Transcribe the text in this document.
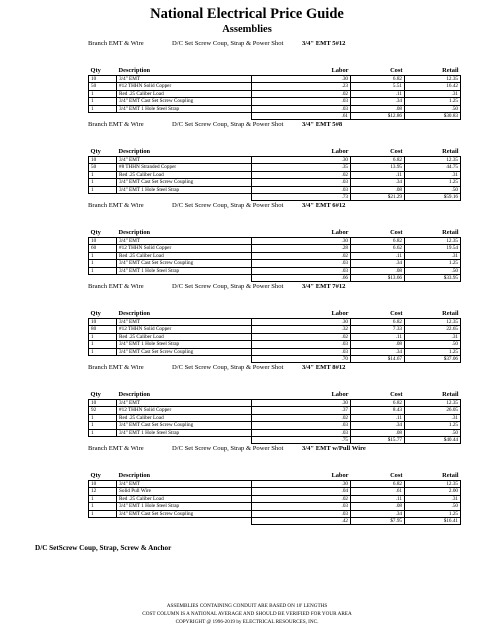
National Electrical Price Guide
Assemblies
Branch EMT & Wire	D/C Set Screw Coup, Strap & Power Shot	3/4" EMT 5#12
Qty	Description	Labor	Cost	Retail
10	3/4" EMT	.30	6.82	12.35
50	#12 THHN Solid Copper	.23	5.51	16.42
1	Red .25 Caliber Load	.02	.11	.31
1	3/4" EMT Cast Set Screw Coupling	.03	.34	1.25
1	3/4" EMT 1 Hole Steel Strap	.03	.08	.50
		.61	$12.86	$30.83
Branch EMT & Wire	D/C Set Screw Coup, Strap & Power Shot	3/4" EMT 5#8
Qty	Description	Labor	Cost	Retail
10	3/4" EMT	.30	6.82	12.35
50	#8 THHN Stranded Copper	.35	13.95	44.75
1	Red .25 Caliber Load	.02	.11	.31
1	3/4" EMT Cast Set Screw Coupling	.03	.34	1.25
1	3/4" EMT 1 Hole Steel Strap	.03	.08	.50
		.73	$21.29	$59.16
Branch EMT & Wire	D/C Set Screw Coup, Strap & Power Shot	3/4" EMT 6#12
Qty	Description	Labor	Cost	Retail
10	3/4" EMT	.30	6.82	12.35
60	#12 THHN Solid Copper	.28	6.62	19.54
1	Red .25 Caliber Load	.02	.11	.31
1	3/4" EMT Cast Set Screw Coupling	.03	.34	1.25
1	3/4" EMT 1 Hole Steel Strap	.03	.08	.50
		.66	$13.66	$33.95
Branch EMT & Wire	D/C Set Screw Coup, Strap & Power Shot	3/4" EMT 7#12
Qty	Description	Labor	Cost	Retail
10	3/4" EMT	.30	6.82	12.35
80	#12 THHN Solid Copper	.32	7.33	22.65
1	Red .25 Caliber Load	.02	.11	.31
1	3/4" EMT 1 Hole Steel Strap	.03	.08	.50
1	3/4" EMT Cast Set Screw Coupling	.03	.34	1.25
		.70	$14.67	$37.06
Branch EMT & Wire	D/C Set Screw Coup, Strap & Power Shot	3/4" EMT 8#12
Qty	Description	Labor	Cost	Retail
10	3/4" EMT	.30	6.82	12.35
92	#12 THHN Solid Copper	.37	8.43	26.05
1	Red .25 Caliber Load	.02	.11	.31
1	3/4" EMT Cast Set Screw Coupling	.03	.34	1.25
1	3/4" EMT 1 Hole Steel Strap	.03	.08	.50
		.75	$15.77	$40.44
Branch EMT & Wire	D/C Set Screw Coup, Strap & Power Shot	3/4" EMT w/Pull Wire
Qty	Description	Labor	Cost	Retail
10	3/4" EMT	.30	6.82	12.35
12	Solid Pull Wire	.04	.61	2.00
1	Red .25 Caliber Load	.02	.11	.31
1	3/4" EMT 1 Hole Steel Strap	.03	.08	.50
1	3/4" EMT Cast Set Screw Coupling	.03	.34	1.25
		.42	$7.95	$16.41
D/C SetScrew Coup, Strap, Screw & Anchor
ASSEMBLIES CONTAINING CONDUIT ARE BASED ON 10' LENGTHS
COST COLUMN IS A NATIONAL AVERAGE AND SHOULD BE VERIFIED FOR YOUR AREA
COPYRIGHT @ 1996-2019 by ELECTRICAL RESOURCES, INC.
